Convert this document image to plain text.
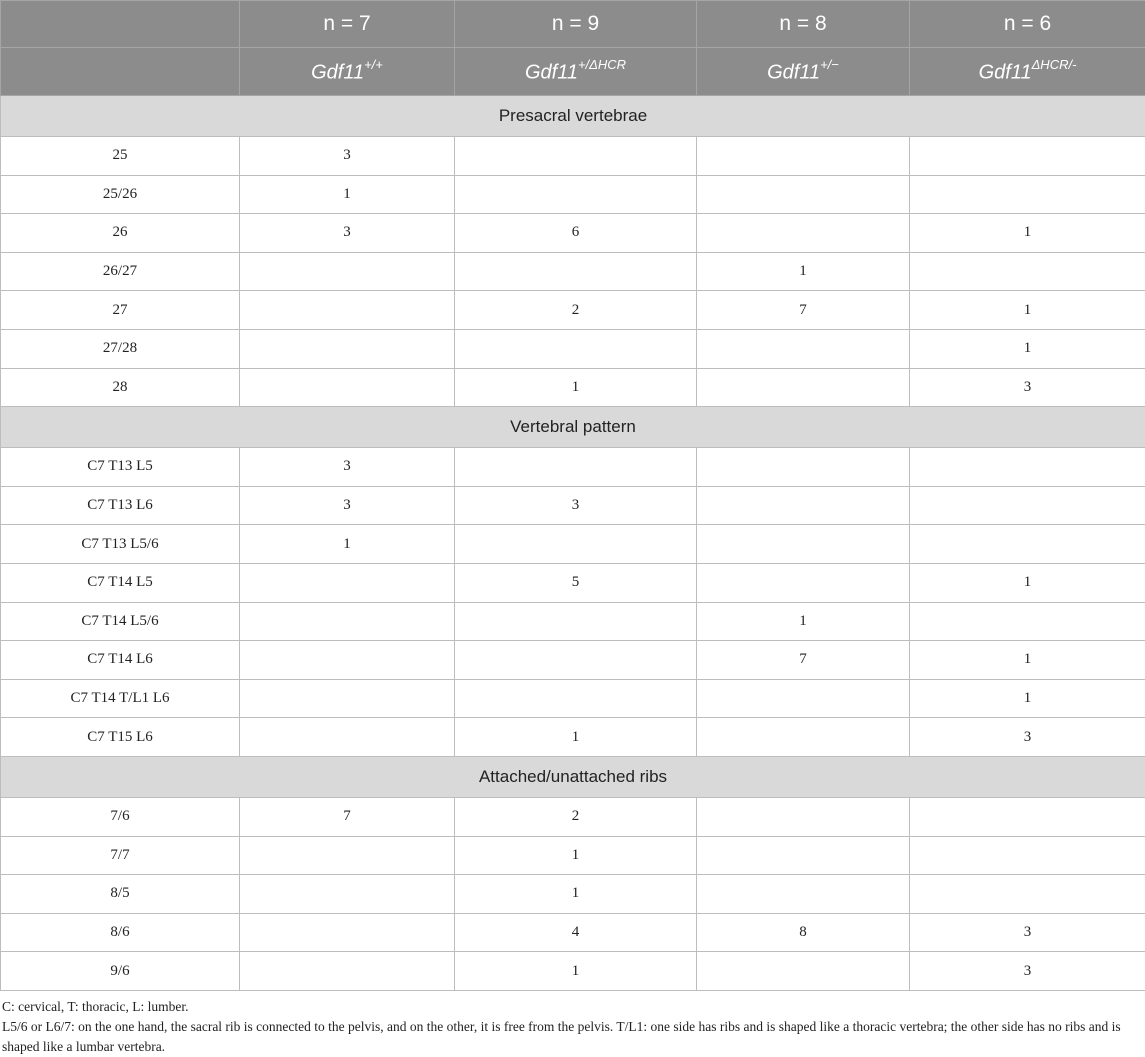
	n = 7	n = 9	n = 8	n = 6
	Gdf11+/+	$Gdf11^{+/\Delta HCR}$	Gdf11+/−	$Gdf11^{\Delta HCR/-}$
Presacral vertebrae				
25	3			
25/26	1			
26	3	6		1
26/27			1	
27		2	7	1
27/28				1
28		1		3
Vertebral pattern				
C7 T13 L5	3			
C7 T13 L6	3	3		
C7 T13 L5/6	1			
C7 T14 L5		5		1
C7 T14 L5/6			1	
C7 T14 L6			7	1
C7 T14 T/L1 L6				1
C7 T15 L6		1		3
Attached/unattached ribs				
7/6	7	2		
7/7		1		
8/5		1		
8/6		4	8	3
9/6		1		3

C: cervical, T: thoracic, L: lumber.

L5/6 or L6/7: on the one hand, the sacral rib is connected to the pelvis, and on the other, it is free from the pelvis. T/L1: one side has ribs and is shaped like a thoracic vertebra; the other side has no ribs and is shaped like a lumbar vertebra.
